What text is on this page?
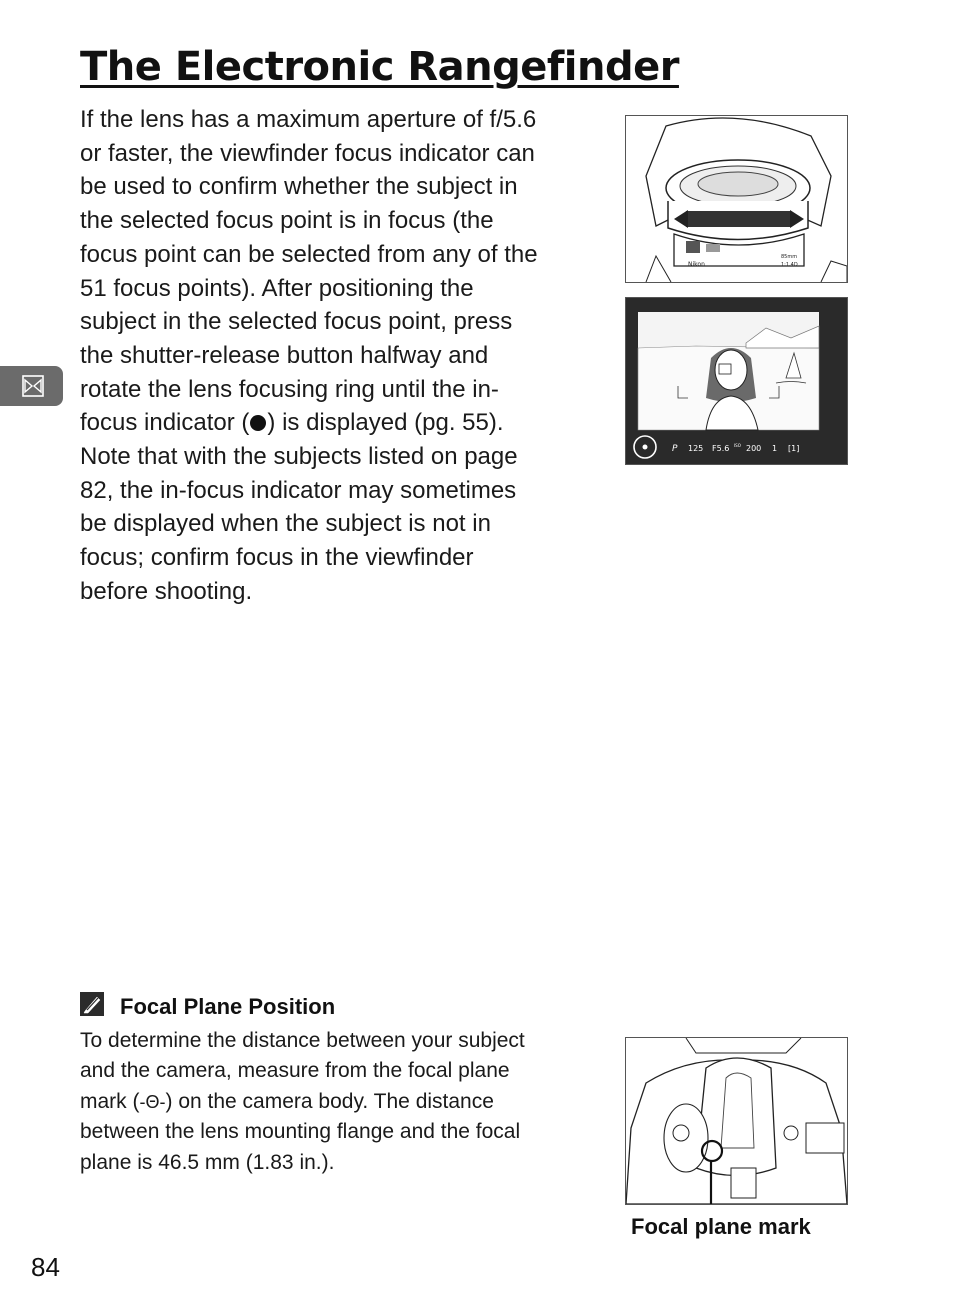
The Electronic Rangefinder
If the lens has a maximum aperture of f/5.6
or faster, the viewfinder focus indicator can
be used to confirm whether the subject in
the selected focus point is in focus (the
focus point can be selected from any of the
51 focus points). After positioning the
subject in the selected focus point, press
the shutter-release button halfway and
rotate the lens focusing ring until the in-
focus indicator ( ) is displayed (pg. 55).
Note that with the subjects listed on page
82, the in-focus indicator may sometimes
be displayed when the subject is not in
focus; confirm focus in the viewfinder
before shooting.
Nikon
85mm
1:1.4D
P 125 F5.6 ISO 200 1 [1]
Focal Plane Position
To determine the distance between your subject
and the camera, measure from the focal plane
mark (-Θ-) on the camera body. The distance
between the lens mounting flange and the focal
plane is 46.5 mm (1.83 in.).
Focal plane mark
84
